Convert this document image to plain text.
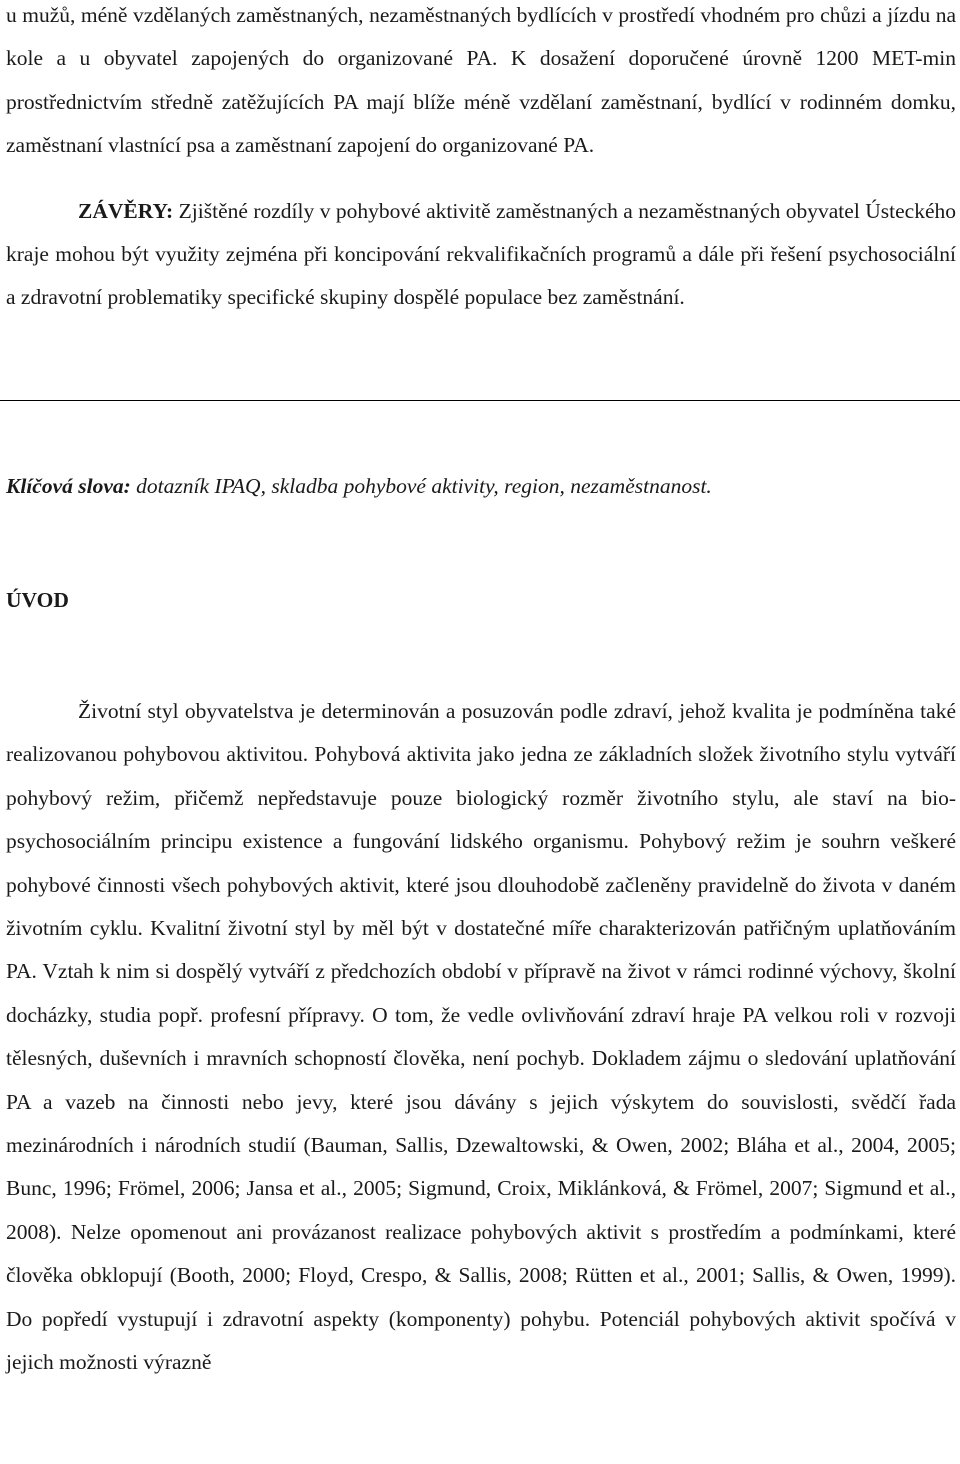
u mužů, méně vzdělaných zaměstnaných, nezaměstnaných bydlících v prostředí vhodném pro chůzi a jízdu na kole a u obyvatel zapojených do organizované PA. K dosažení doporučené úrovně 1200 MET-min prostřednictvím středně zatěžujících PA mají blíže méně vzdělaní zaměstnaní, bydlící v rodinném domku, zaměstnaní vlastnící psa a zaměstnaní zapojení do organizované PA.

ZÁVĚRY: Zjištěné rozdíly v pohybové aktivitě zaměstnaných a nezaměstnaných obyvatel Ústeckého kraje mohou být využity zejména při koncipování rekvalifikačních programů a dále při řešení psychosociální a zdravotní problematiky specifické skupiny dospělé populace bez zaměstnání.

Klíčová slova: dotazník IPAQ, skladba pohybové aktivity, region, nezaměstnanost.
ÚVOD

Životní styl obyvatelstva je determinován a posuzován podle zdraví, jehož kvalita je podmíněna také realizovanou pohybovou aktivitou. Pohybová aktivita jako jedna ze základních složek životního stylu vytváří pohybový režim, přičemž nepředstavuje pouze biologický rozměr životního stylu, ale staví na bio-psychosociálním principu existence a fungování lidského organismu. Pohybový režim je souhrn veškeré pohybové činnosti všech pohybových aktivit, které jsou dlouhodobě začleněny pravidelně do života v daném životním cyklu. Kvalitní životní styl by měl být v dostatečné míře charakterizován patřičným uplatňováním PA. Vztah k nim si dospělý vytváří z předchozích období v přípravě na život v rámci rodinné výchovy, školní docházky, studia popř. profesní přípravy. O tom, že vedle ovlivňování zdraví hraje PA velkou roli v rozvoji tělesných, duševních i mravních schopností člověka, není pochyb. Dokladem zájmu o sledování uplatňování PA a vazeb na činnosti nebo jevy, které jsou dávány s jejich výskytem do souvislosti, svědčí řada mezinárodních i národních studií (Bauman, Sallis, Dzewaltowski, & Owen, 2002; Bláha et al., 2004, 2005; Bunc, 1996; Frömel, 2006; Jansa et al., 2005; Sigmund, Croix, Miklánková, & Frömel, 2007; Sigmund et al., 2008). Nelze opomenout ani provázanost realizace pohybových aktivit s prostředím a podmínkami, které člověka obklopují (Booth, 2000; Floyd, Crespo, & Sallis, 2008; Rütten et al., 2001; Sallis, & Owen, 1999). Do popředí vystupují i zdravotní aspekty (komponenty) pohybu. Potenciál pohybových aktivit spočívá v jejich možnosti výrazně
